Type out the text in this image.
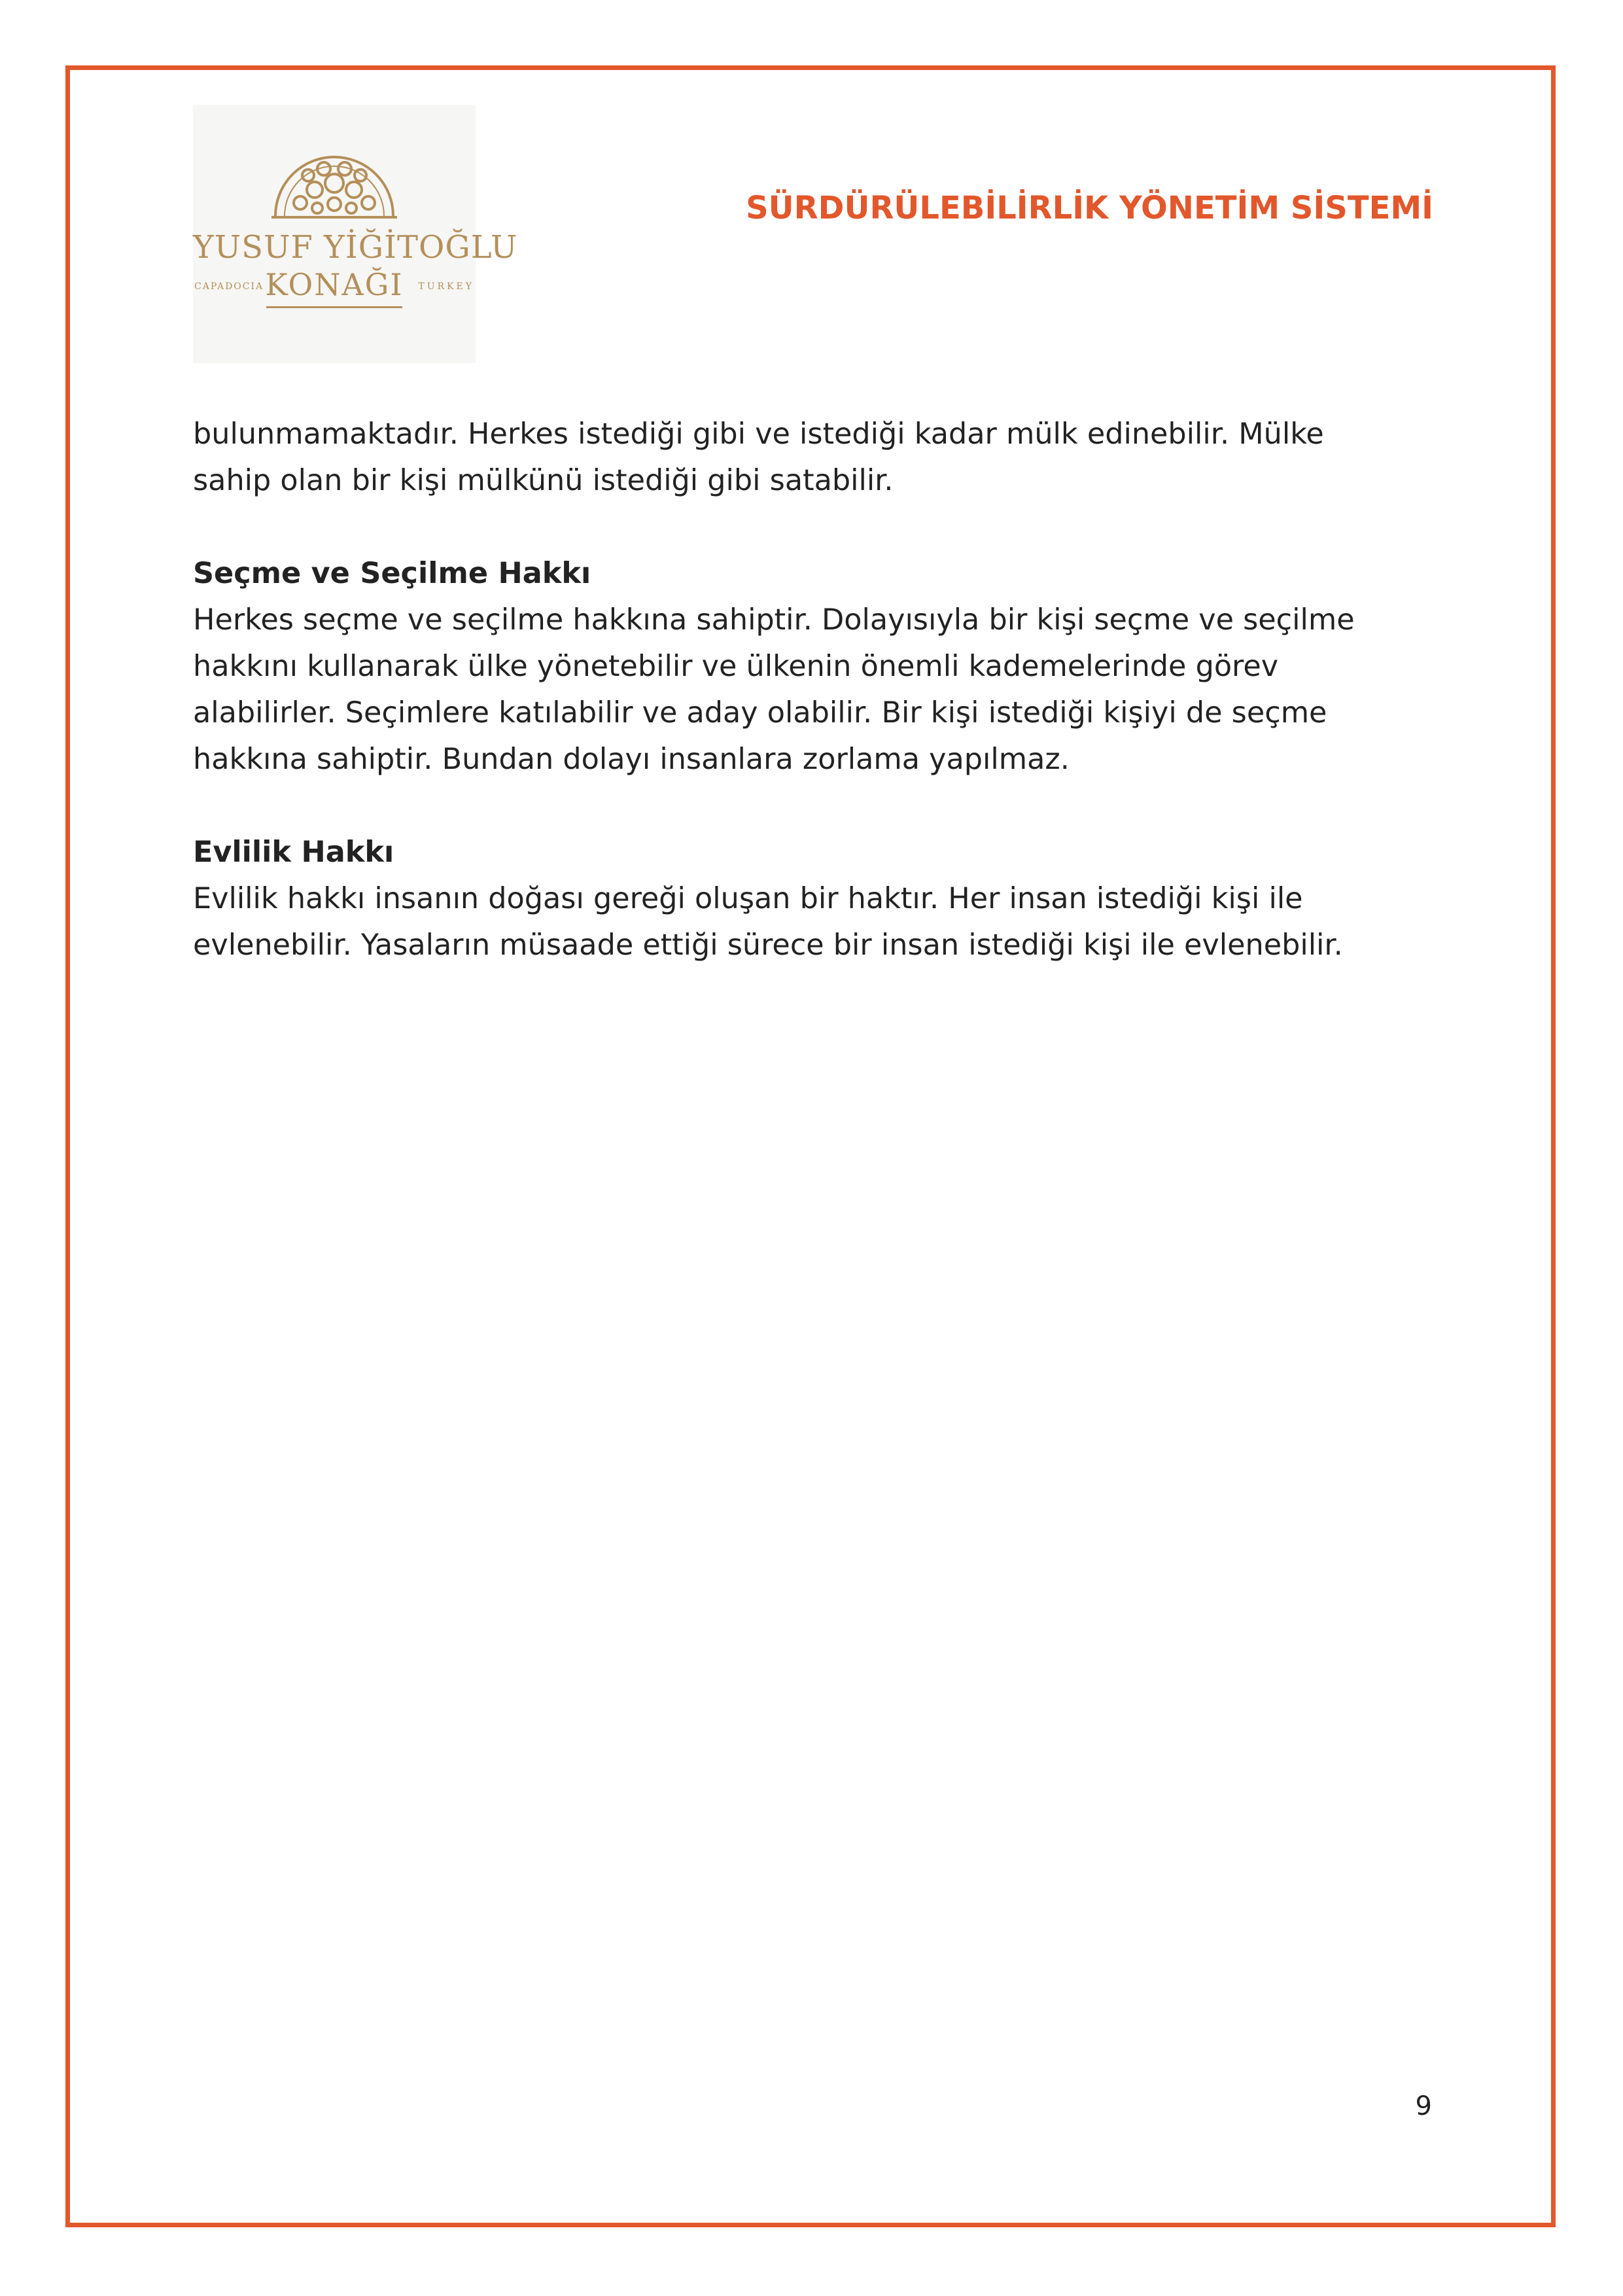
YUSUF YİĞİTOĞLU
CAPADOCIA KONAĞI	TURKEY
SÜRDÜRÜLEBİLİRLİK YÖNETİM SİSTEMİ

bulunmamaktadır. Herkes istediği gibi ve istediği kadar mülk edinebilir. Mülke

sahip olan bir kişi mülkünü istediği gibi satabilir.

Seçme ve Seçilme Hakkı

Herkes seçme ve seçilme hakkına sahiptir. Dolayısıyla bir kişi seçme ve seçilme

hakkını kullanarak ülke yönetebilir ve ülkenin önemli kademelerinde görev

alabilirler. Seçimlere katılabilir ve aday olabilir. Bir kişi istediği kişiyi de seçme

hakkına sahiptir. Bundan dolayı insanlara zorlama yapılmaz.

Evlilik Hakkı

Evlilik hakkı insanın doğası gereği oluşan bir haktır. Her insan istediği kişi ile

evlenebilir. Yasaların müsaade ettiği sürece bir insan istediği kişi ile evlenebilir.

9
